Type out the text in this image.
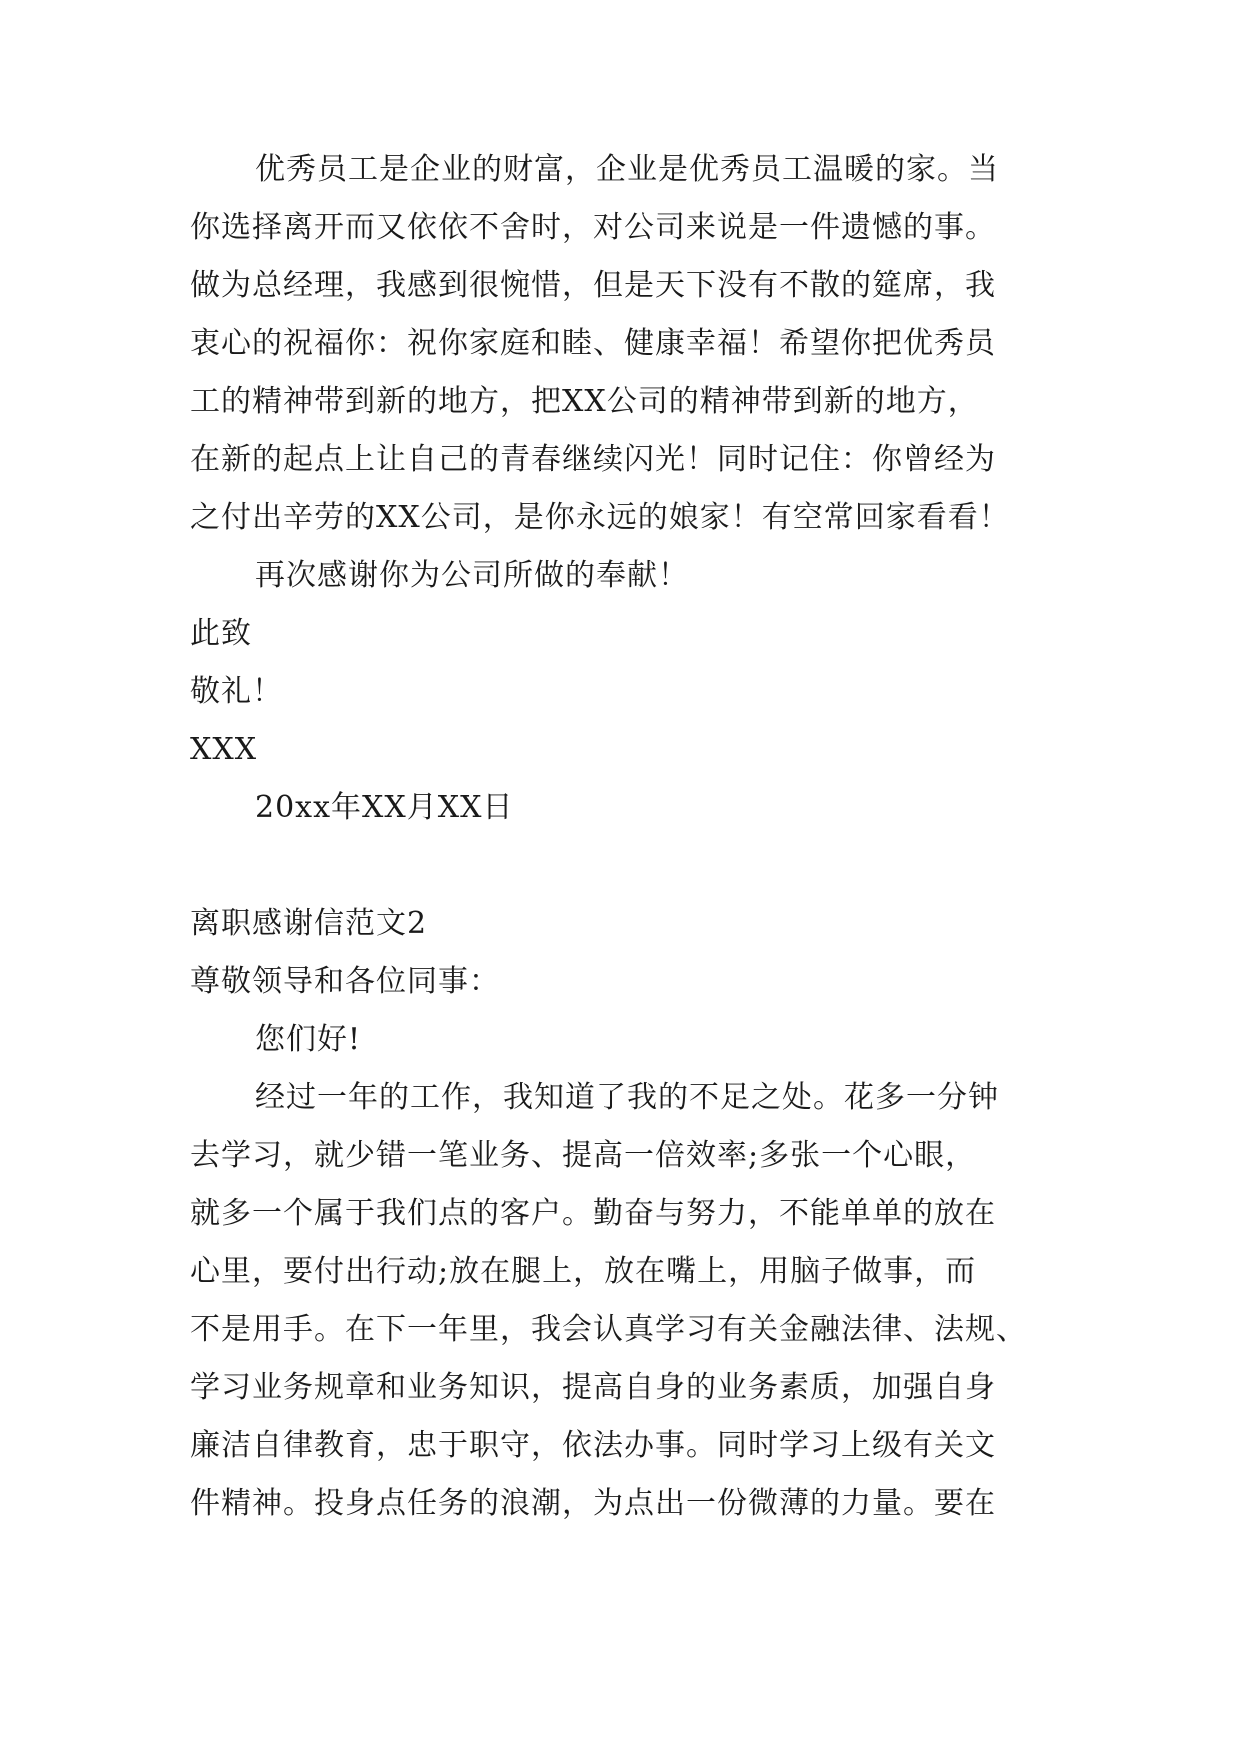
优秀员工是企业的财富，企业是优秀员工温暖的家。当
你选择离开而又依依不舍时，对公司来说是一件遗憾的事。
做为总经理，我感到很惋惜，但是天下没有不散的筵席，我
衷心的祝福你：祝你家庭和睦、健康幸福！希望你把优秀员
工的精神带到新的地方，把XX公司的精神带到新的地方，
在新的起点上让自己的青春继续闪光！同时记住：你曾经为
之付出辛劳的XX公司，是你永远的娘家！有空常回家看看！
再次感谢你为公司所做的奉献！
此致
敬礼！
XXX
20xx年XX月XX日
离职感谢信范文2
尊敬领导和各位同事：
您们好!
经过一年的工作，我知道了我的不足之处。花多一分钟
去学习，就少错一笔业务、提高一倍效率;多张一个心眼，
就多一个属于我们点的客户。勤奋与努力，不能单单的放在
心里，要付出行动;放在腿上，放在嘴上，用脑子做事，而
不是用手。在下一年里，我会认真学习有关金融法律、法规、
学习业务规章和业务知识，提高自身的业务素质，加强自身
廉洁自律教育，忠于职守，依法办事。同时学习上级有关文
件精神。投身点任务的浪潮，为点出一份微薄的力量。要在
